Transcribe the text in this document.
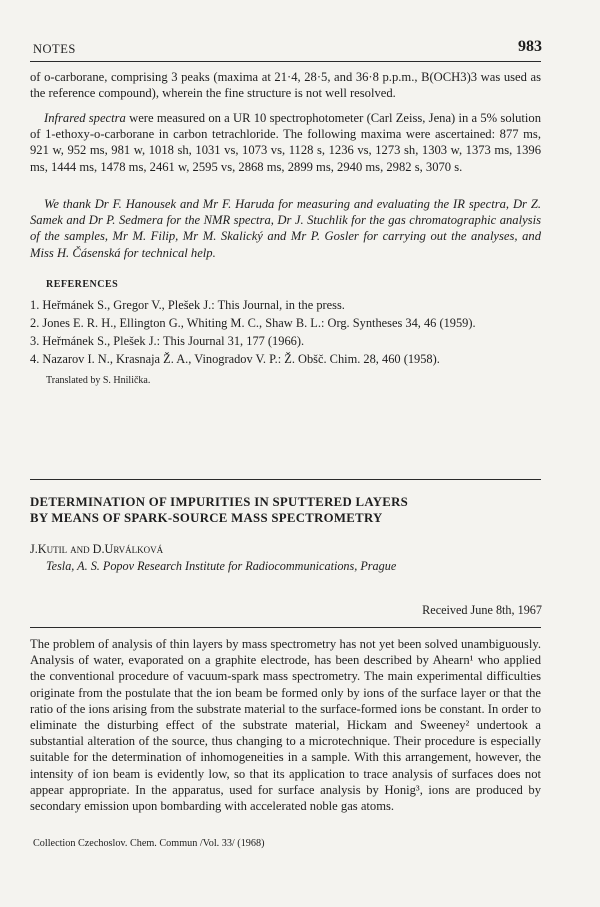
NOTES	983

of o-carborane, comprising 3 peaks (maxima at 21·4, 28·5, and 36·8 p.p.m., B(OCH3)3 was used as the reference compound), wherein the fine structure is not well resolved.

Infrared spectra were measured on a UR 10 spectrophotometer (Carl Zeiss, Jena) in a 5% solution of 1-ethoxy-o-carborane in carbon tetrachloride. The following maxima were ascertained: 877 ms, 921 w, 952 ms, 981 w, 1018 sh, 1031 vs, 1073 vs, 1128 s, 1236 vs, 1273 sh, 1303 w, 1373 ms, 1396 ms, 1444 ms, 1478 ms, 2461 w, 2595 vs, 2868 ms, 2899 ms, 2940 ms, 2982 s, 3070 s.

We thank Dr F. Hanousek and Mr F. Haruda for measuring and evaluating the IR spectra, Dr Z. Samek and Dr P. Sedmera for the NMR spectra, Dr J. Stuchlik for the gas chromatographic analysis of the samples, Mr M. Filip, Mr M. Skalický and Mr P. Gosler for carrying out the analyses, and Miss H. Čásenská for technical help.

REFERENCES
1. Heřmánek S., Gregor V., Plešek J.: This Journal, in the press.
2. Jones E. R. H., Ellington G., Whiting M. C., Shaw B. L.: Org. Syntheses 34, 46 (1959).
3. Heřmánek S., Plešek J.: This Journal 31, 177 (1966).
4. Nazarov I. N., Krasnaja Ž. A., Vinogradov V. P.: Ž. Obšč. Chim. 28, 460 (1958).
Translated by S. Hnilička.
DETERMINATION OF IMPURITIES IN SPUTTERED LAYERS
BY MEANS OF SPARK-SOURCE MASS SPECTROMETRY
J.Kutil and D.Urválková
Tesla, A. S. Popov Research Institute for Radiocommunications, Prague
Received June 8th, 1967

The problem of analysis of thin layers by mass spectrometry has not yet been solved unambiguously. Analysis of water, evaporated on a graphite electrode, has been described by Ahearn¹ who applied the conventional procedure of vacuum-spark mass spectrometry. The main experimental difficulties originate from the postulate that the ion beam be formed only by ions of the surface layer or that the ratio of the ions arising from the substrate material to the surface-formed ions be constant. In order to eliminate the disturbing effect of the substrate material, Hickam and Sweeney² undertook a substantial alteration of the source, thus changing to a microtechnique. Their procedure is especially suitable for the determination of inhomogeneities in a sample. With this arrangement, however, the intensity of ion beam is evidently low, so that its application to trace analysis of surfaces does not appear appropriate. In the apparatus, used for surface analysis by Honig³, ions are produced by secondary emission upon bombarding with accelerated noble gas atoms.

Collection Czechoslov. Chem. Commun /Vol. 33/ (1968)
